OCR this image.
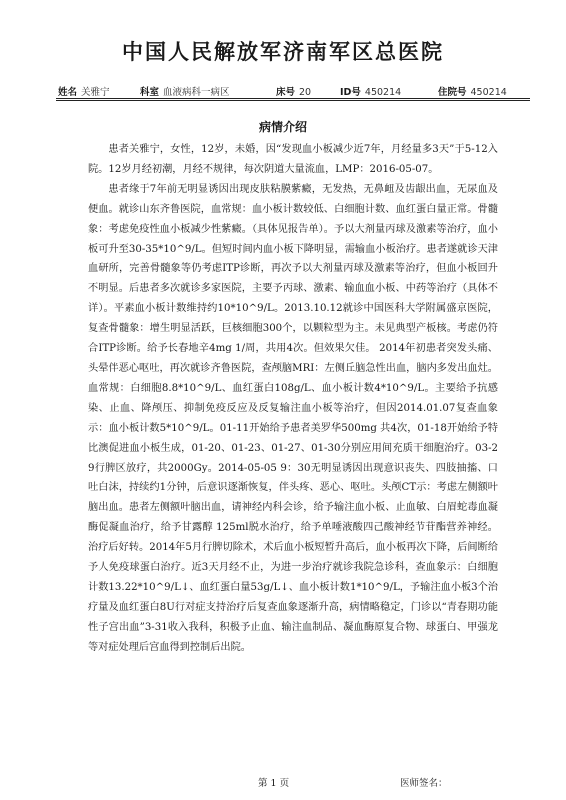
中国人民解放军济南军区总医院
姓名 关雅宁	科室 血液病科一病区	床号 20	ID号 450214	住院号 450214
病情介绍

患者关雅宁，女性，12岁，未婚，因“发现血小板减少近7年，月经量多3天”于5-12入院。12岁月经初潮，月经不规律，每次阴道大量流血，LMP：2016-05-07。

患者缘于7年前无明显诱因出现皮肤粘膜紫癜，无发热，无鼻衄及齿龈出血，无尿血及便血。就诊山东齐鲁医院，血常规：血小板计数较低、白细胞计数、血红蛋白量正常。骨髓象：考虑免疫性血小板减少性紫癜。（具体见报告单）。予以大剂量丙球及激素等治疗，血小板可升至30-35*10^9/L。但短时间内血小板下降明显，需输血小板治疗。患者遂就诊天津血研所，完善骨髓象等仍考虑ITP诊断，再次予以大剂量丙球及激素等治疗，但血小板回升不明显。后患者多次就诊多家医院，主要予丙球、激素、输血血小板、中药等治疗（具体不详）。平素血小板计数维持约10*10^9/L。2013.10.12就诊中国医科大学附属盛京医院，复查骨髓象：增生明显活跃，巨核细胞300个，以颗粒型为主。未见典型产板核。考虑仍符合ITP诊断。给予长春地辛4mg 1/周，共用4次。但效果欠佳。 2014年初患者突发头痛、头晕伴恶心呕吐，再次就诊齐鲁医院，查颅脑MRI：左侧丘脑急性出血，脑内多发出血灶。血常规：白细胞8.8*10^9/L、血红蛋白108g/L、血小板计数4*10^9/L。主要给予抗感染、止血、降颅压、抑制免疫反应及反复输注血小板等治疗，但因2014.01.07复查血象示：血小板计数5*10^9/L。01-11开始给予患者美罗华500mg 共4次，01-18开始给予特比澳促进血小板生成，01-20、01-23、01-27、01-30分别应用间充质干细胞治疗。03-29行脾区放疗，共2000Gy。2014-05-05 9：30无明显诱因出现意识丧失、四肢抽搐、口吐白沫，持续约1分钟，后意识逐渐恢复，伴头疼、恶心、呕吐。头颅CT示：考虑左侧额叶脑出血。患者左侧额叶脑出血，请神经内科会诊，给予输注血小板、止血敏、白眉蛇毒血凝酶促凝血治疗，给予甘露醇 125ml脱水治疗，给予单唾液酸四己酸神经节苷酯营养神经。治疗后好转。2014年5月行脾切除术，术后血小板短暂升高后，血小板再次下降，后间断给予人免疫球蛋白治疗。近3天月经不止，为进一步治疗就诊我院急诊科，查血象示：白细胞计数13.22*10^9/L↓、血红蛋白量53g/L↓、血小板计数1*10^9/L，予输注血小板3个治疗量及血红蛋白8U行对症支持治疗后复查血象逐渐升高，病情略稳定，门诊以“青春期功能性子宫出血”3-31收入我科，积极予止血、输注血制品、凝血酶原复合物、球蛋白、甲强龙等对症处理后宫血得到控制后出院。

第 1 页	医师签名：
